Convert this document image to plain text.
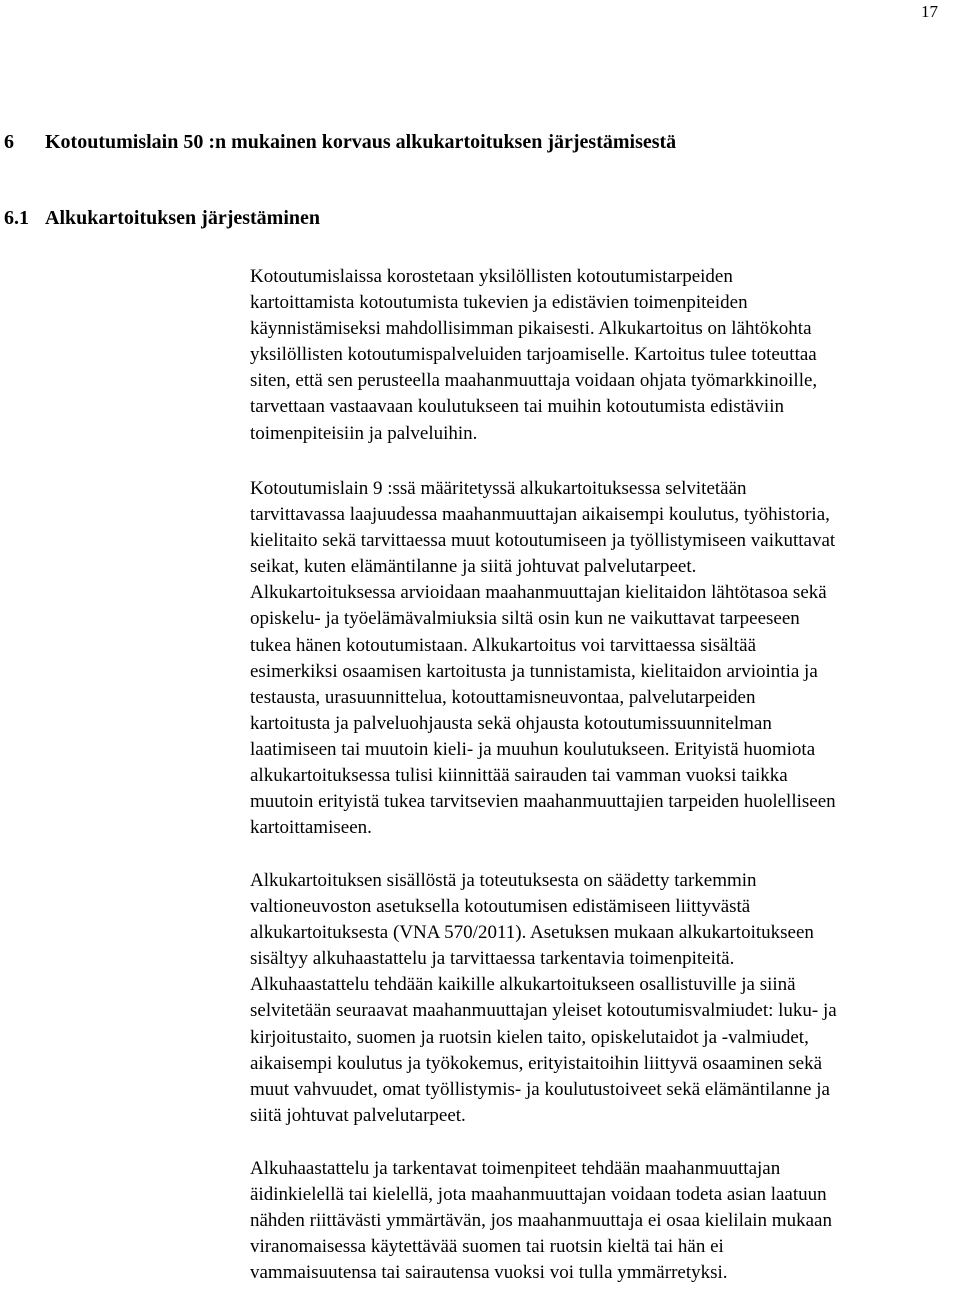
17
6 Kotoutumislain 50 :n mukainen korvaus alkukartoituksen järjestämisestä
6.1 Alkukartoituksen järjestäminen

Kotoutumislaissa korostetaan yksilöllisten kotoutumistarpeiden
kartoittamista kotoutumista tukevien ja edistävien toimenpiteiden
käynnistämiseksi mahdollisimman pikaisesti. Alkukartoitus on lähtökohta
yksilöllisten kotoutumispalveluiden tarjoamiselle. Kartoitus tulee toteuttaa
siten, että sen perusteella maahanmuuttaja voidaan ohjata työmarkkinoille,
tarvettaan vastaavaan koulutukseen tai muihin kotoutumista edistäviin
toimenpiteisiin ja palveluihin.

Kotoutumislain 9 :ssä määritetyssä alkukartoituksessa selvitetään
tarvittavassa laajuudessa maahanmuuttajan aikaisempi koulutus, työhistoria,
kielitaito sekä tarvittaessa muut kotoutumiseen ja työllistymiseen vaikuttavat
seikat, kuten elämäntilanne ja siitä johtuvat palvelutarpeet.
Alkukartoituksessa arvioidaan maahanmuuttajan kielitaidon lähtötasoa sekä
opiskelu- ja työelämävalmiuksia siltä osin kun ne vaikuttavat tarpeeseen
tukea hänen kotoutumistaan. Alkukartoitus voi tarvittaessa sisältää
esimerkiksi osaamisen kartoitusta ja tunnistamista, kielitaidon arviointia ja
testausta, urasuunnittelua, kotouttamisneuvontaa, palvelutarpeiden
kartoitusta ja palveluohjausta sekä ohjausta kotoutumissuunnitelman
laatimiseen tai muutoin kieli- ja muuhun koulutukseen. Erityistä huomiota
alkukartoituksessa tulisi kiinnittää sairauden tai vamman vuoksi taikka
muutoin erityistä tukea tarvitsevien maahanmuuttajien tarpeiden huolelliseen
kartoittamiseen.

Alkukartoituksen sisällöstä ja toteutuksesta on säädetty tarkemmin
valtioneuvoston asetuksella kotoutumisen edistämiseen liittyvästä
alkukartoituksesta (VNA 570/2011). Asetuksen mukaan alkukartoitukseen
sisältyy alkuhaastattelu ja tarvittaessa tarkentavia toimenpiteitä.
Alkuhaastattelu tehdään kaikille alkukartoitukseen osallistuville ja siinä
selvitetään seuraavat maahanmuuttajan yleiset kotoutumisvalmiudet: luku- ja
kirjoitustaito, suomen ja ruotsin kielen taito, opiskelutaidot ja -valmiudet,
aikaisempi koulutus ja työkokemus, erityistaitoihin liittyvä osaaminen sekä
muut vahvuudet, omat työllistymis- ja koulutustoiveet sekä elämäntilanne ja
siitä johtuvat palvelutarpeet.

Alkuhaastattelu ja tarkentavat toimenpiteet tehdään maahanmuuttajan
äidinkielellä tai kielellä, jota maahanmuuttajan voidaan todeta asian laatuun
nähden riittävästi ymmärtävän, jos maahanmuuttaja ei osaa kielilain mukaan
viranomaisessa käytettävää suomen tai ruotsin kieltä tai hän ei
vammaisuutensa tai sairautensa vuoksi voi tulla ymmärretyksi.
